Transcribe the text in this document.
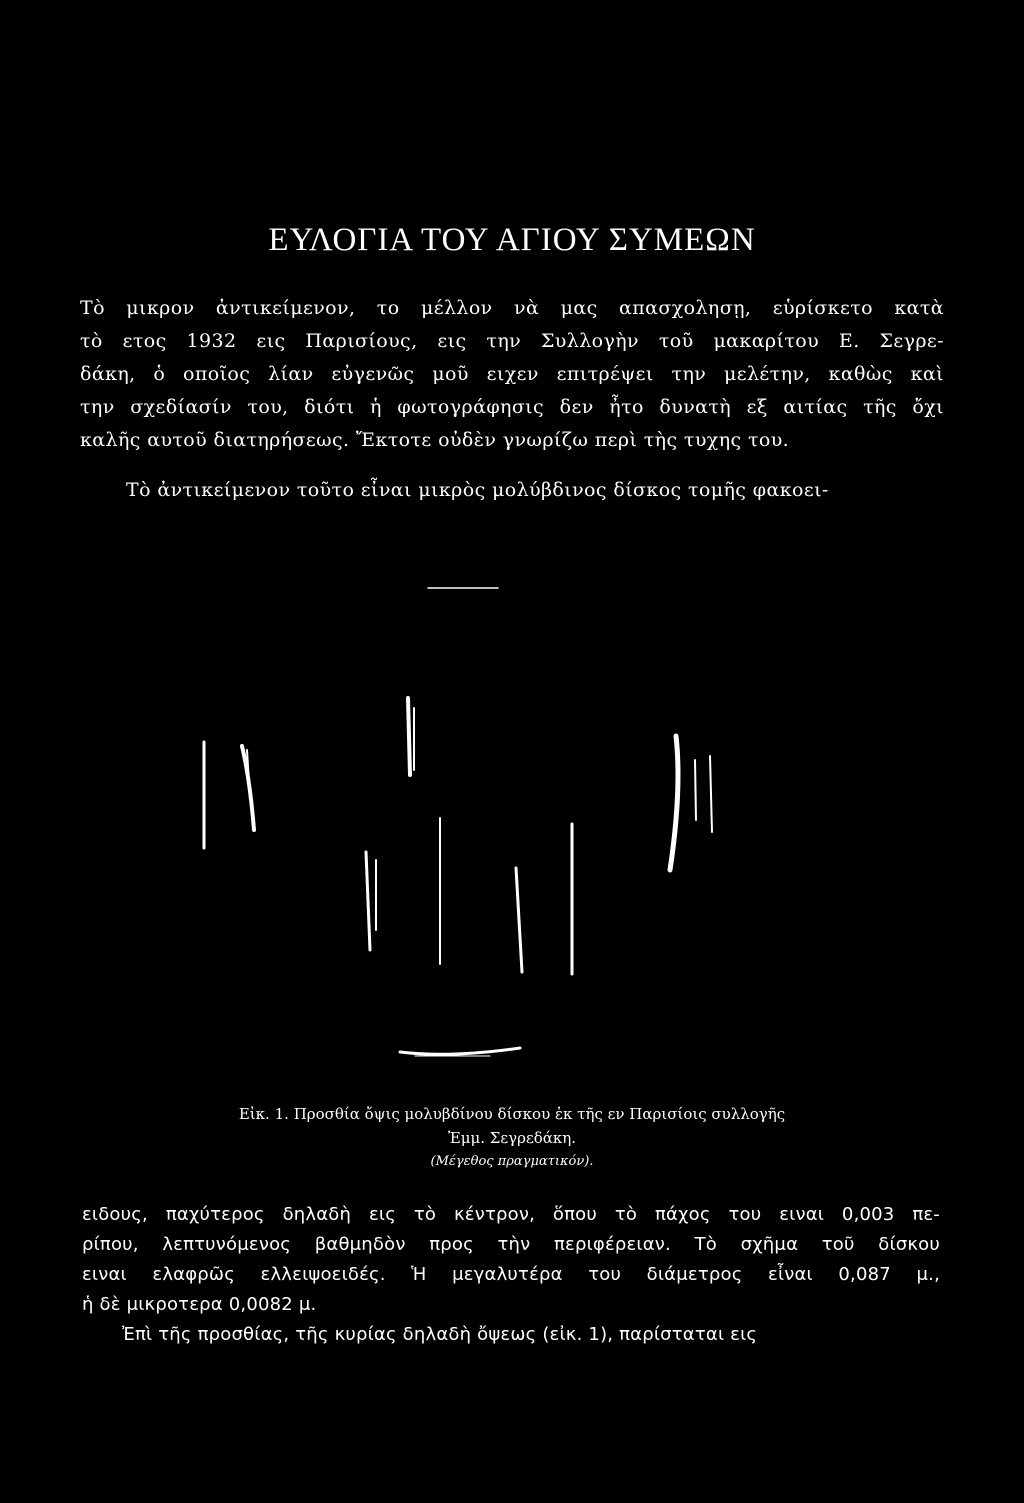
ΕΥΛΟΓΙΑ ΤΟΥ ΑΓΙΟΥ ΣΥΜΕΩΝ
Τὸ μικρον ἀντικείμενον, το μέλλον νὰ μας απασχολησῃ, εὑρίσκετο κατὰ
τὸ ετος 1932 εις Παρισίους, εις την Συλλογὴν τοῦ μακαρίτου Ε. Σεγρε-
δάκη, ὁ οποῖος λίαν εὐγενῶς μοῦ ειχεν επιτρέψει την μελέτην, καθὼς καὶ
την σχεδίασίν του, διότι ἡ φωτογράφησις δεν ἦτο δυνατὴ εξ αιτίας τῆς ὄχι
καλῆς αυτοῦ διατηρήσεως. Ἔκτοτε οὐδὲν γνωρίζω περὶ τὴς τυχης του.
Τὸ ἀντικείμενον τοῦτο εἶναι μικρὸς μολύβδινος δίσκος τομῆς φακοει-
Εἰκ. 1. Προσθία ὄψις μολυβδίνου δίσκου ἐκ τῆς εν Παρισίοις συλλογῆς
Ἐμμ. Σεγρεδάκη.
(Μέγεθος πραγματικόν).
ειδους, παχύτερος δηλαδὴ εις τὸ κέντρον, ὅπου τὸ πάχος του ειναι 0,003 πε-
ρίπου, λεπτυνόμενος βαθμηδὸν προς τὴν περιφέρειαν. Τὸ σχῆμα τοῦ δίσκου
ειναι ελαφρῶς ελλειψοειδές. Ἡ μεγαλυτέρα του διάμετρος εἶναι 0,087 μ.,
ἡ δὲ μικροτερα 0,0082 μ.
Ἐπὶ τῆς προσθίας, τῆς κυρίας δηλαδὴ ὄψεως (εἰκ. 1), παρίσταται εις
